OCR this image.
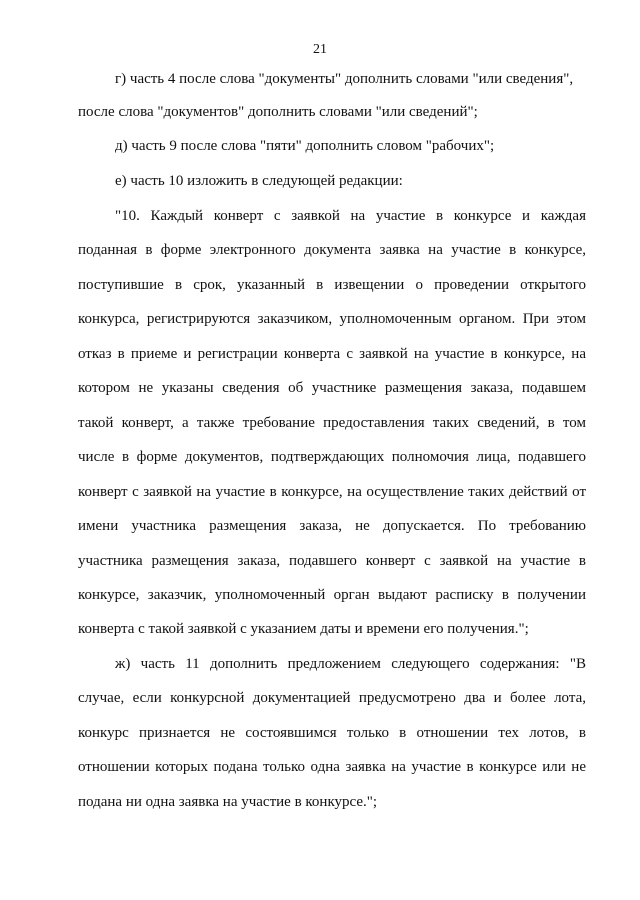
21
г) часть 4 после слова "документы" дополнить словами "или сведения",
после слова "документов" дополнить словами "или сведений";
д) часть 9 после слова "пяти" дополнить словом "рабочих";
е) часть 10 изложить в следующей редакции:
"10. Каждый конверт с заявкой на участие в конкурсе и каждая
поданная в форме электронного документа заявка на участие в конкурсе,
поступившие в срок, указанный в извещении о проведении открытого
конкурса, регистрируются заказчиком, уполномоченным органом. При этом
отказ в приеме и регистрации конверта с заявкой на участие в конкурсе, на
котором не указаны сведения об участнике размещения заказа, подавшем
такой конверт, а также требование предоставления таких сведений, в том
числе в форме документов, подтверждающих полномочия лица, подавшего
конверт с заявкой на участие в конкурсе, на осуществление таких действий от
имени участника размещения заказа, не допускается. По требованию
участника размещения заказа, подавшего конверт с заявкой на участие в
конкурсе, заказчик, уполномоченный орган выдают расписку в получении
конверта с такой заявкой с указанием даты и времени его получения.";
ж) часть 11 дополнить предложением следующего содержания: "В
случае, если конкурсной документацией предусмотрено два и более лота,
конкурс признается не состоявшимся только в отношении тех лотов, в
отношении которых подана только одна заявка на участие в конкурсе или не
подана ни одна заявка на участие в конкурсе.";
